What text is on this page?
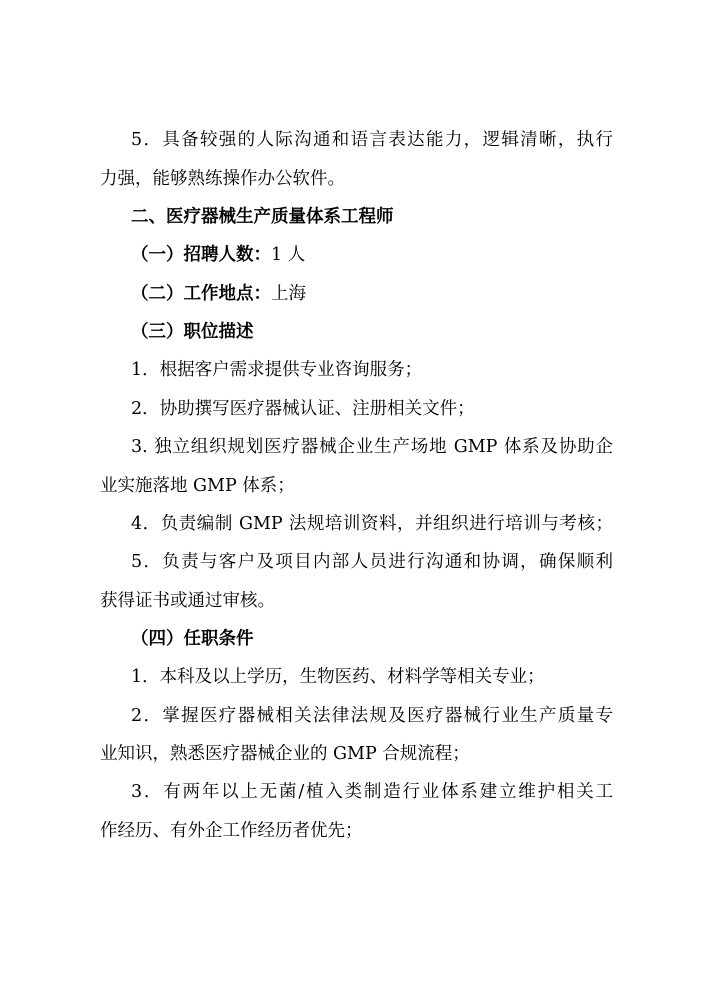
5．具备较强的人际沟通和语言表达能力，逻辑清晰，执行
力强，能够熟练操作办公软件。
二、医疗器械生产质量体系工程师
（一）招聘人数：1 人
（二）工作地点：上海
（三）职位描述
1．根据客户需求提供专业咨询服务；
2．协助撰写医疗器械认证、注册相关文件；
3. 独立组织规划医疗器械企业生产场地 GMP 体系及协助企
业实施落地 GMP 体系；
4．负责编制 GMP 法规培训资料，并组织进行培训与考核；
5．负责与客户及项目内部人员进行沟通和协调，确保顺利
获得证书或通过审核。
（四）任职条件
1．本科及以上学历，生物医药、材料学等相关专业；
2．掌握医疗器械相关法律法规及医疗器械行业生产质量专
业知识，熟悉医疗器械企业的 GMP 合规流程；
3．有两年以上无菌/植入类制造行业体系建立维护相关工
作经历、有外企工作经历者优先；
